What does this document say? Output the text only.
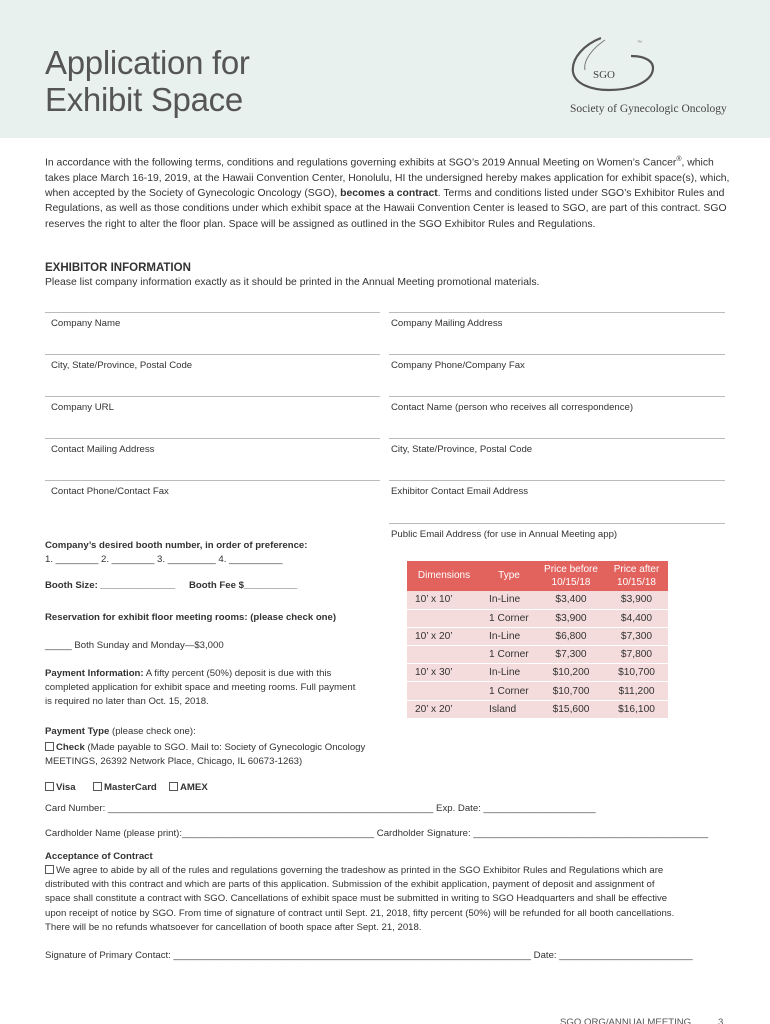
Application for
Exhibit Space
SGO
™
Society of Gynecologic Oncology
In accordance with the following terms, conditions and regulations governing exhibits at SGO’s 2019 Annual Meeting on Women’s Cancer®, which takes place March 16-19, 2019, at the Hawaii Convention Center, Honolulu, HI the undersigned hereby makes application for exhibit space(s), which, when accepted by the Society of Gynecologic Oncology (SGO), becomes a contract. Terms and conditions listed under SGO’s Exhibitor Rules and Regulations, as well as those conditions under which exhibit space at the Hawaii Convention Center is leased to SGO, are part of this contract. SGO reserves the right to alter the floor plan. Space will be assigned as outlined in the SGO Exhibitor Rules and Regulations.
EXHIBITOR INFORMATION
Please list company information exactly as it should be printed in the Annual Meeting promotional materials.
Company Name
City, State/Province, Postal Code
Company URL
Contact Mailing Address
Contact Phone/Contact Fax
Company Mailing Address
Company Phone/Company Fax
Contact Name (person who receives all correspondence)
City, State/Province, Postal Code
Exhibitor Contact Email Address
Public Email Address (for use in Annual Meeting app)
Company’s desired booth number, in order of preference:
1. ________ 2. ________ 3. _________ 4. __________
Booth Size: ______________ Booth Fee $__________
Reservation for exhibit floor meeting rooms: (please check one)
_____ Both Sunday and Monday—$3,000
Payment Information: A fifty percent (50%) deposit is due with this
completed application for exhibit space and meeting rooms. Full payment
is required no later than Oct. 15, 2018.
Payment Type (please check one):
Check (Made payable to SGO. Mail to: Society of Gynecologic Oncology
MEETINGS, 26392 Network Place, Chicago, IL 60673-1263)
Visa	MasterCard	AMEX
Card Number: _____________________________________________________________ Exp. Date: _____________________
Cardholder Name (please print):____________________________________ Cardholder Signature: ____________________________________________
Dimensions	Type	Price before 10/15/18	Price after 10/15/18
10’ x 10’	In-Line	$3,400	$3,900
	1 Corner	$3,900	$4,400
10’ x 20’	In-Line	$6,800	$7,300
	1 Corner	$7,300	$7,800
10’ x 30’	In-Line	$10,200	$10,700
	1 Corner	$10,700	$11,200
20’ x 20’	Island	$15,600	$16,100
Acceptance of Contract
We agree to abide by all of the rules and regulations governing the tradeshow as printed in the SGO Exhibitor Rules and Regulations which are
distributed with this contract and which are parts of this application. Submission of the exhibit application, payment of deposit and assignment of
space shall constitute a contract with SGO. Cancellations of exhibit space must be submitted in writing to SGO Headquarters and shall be effective
upon receipt of notice by SGO. From time of signature of contract until Sept. 21, 2018, fifty percent (50%) will be refunded for all booth cancellations.
There will be no refunds whatsoever for cancellation of booth space after Sept. 21, 2018.
Signature of Primary Contact: ___________________________________________________________________ Date: _________________________
SGO.ORG/ANNUALMEETING	3
